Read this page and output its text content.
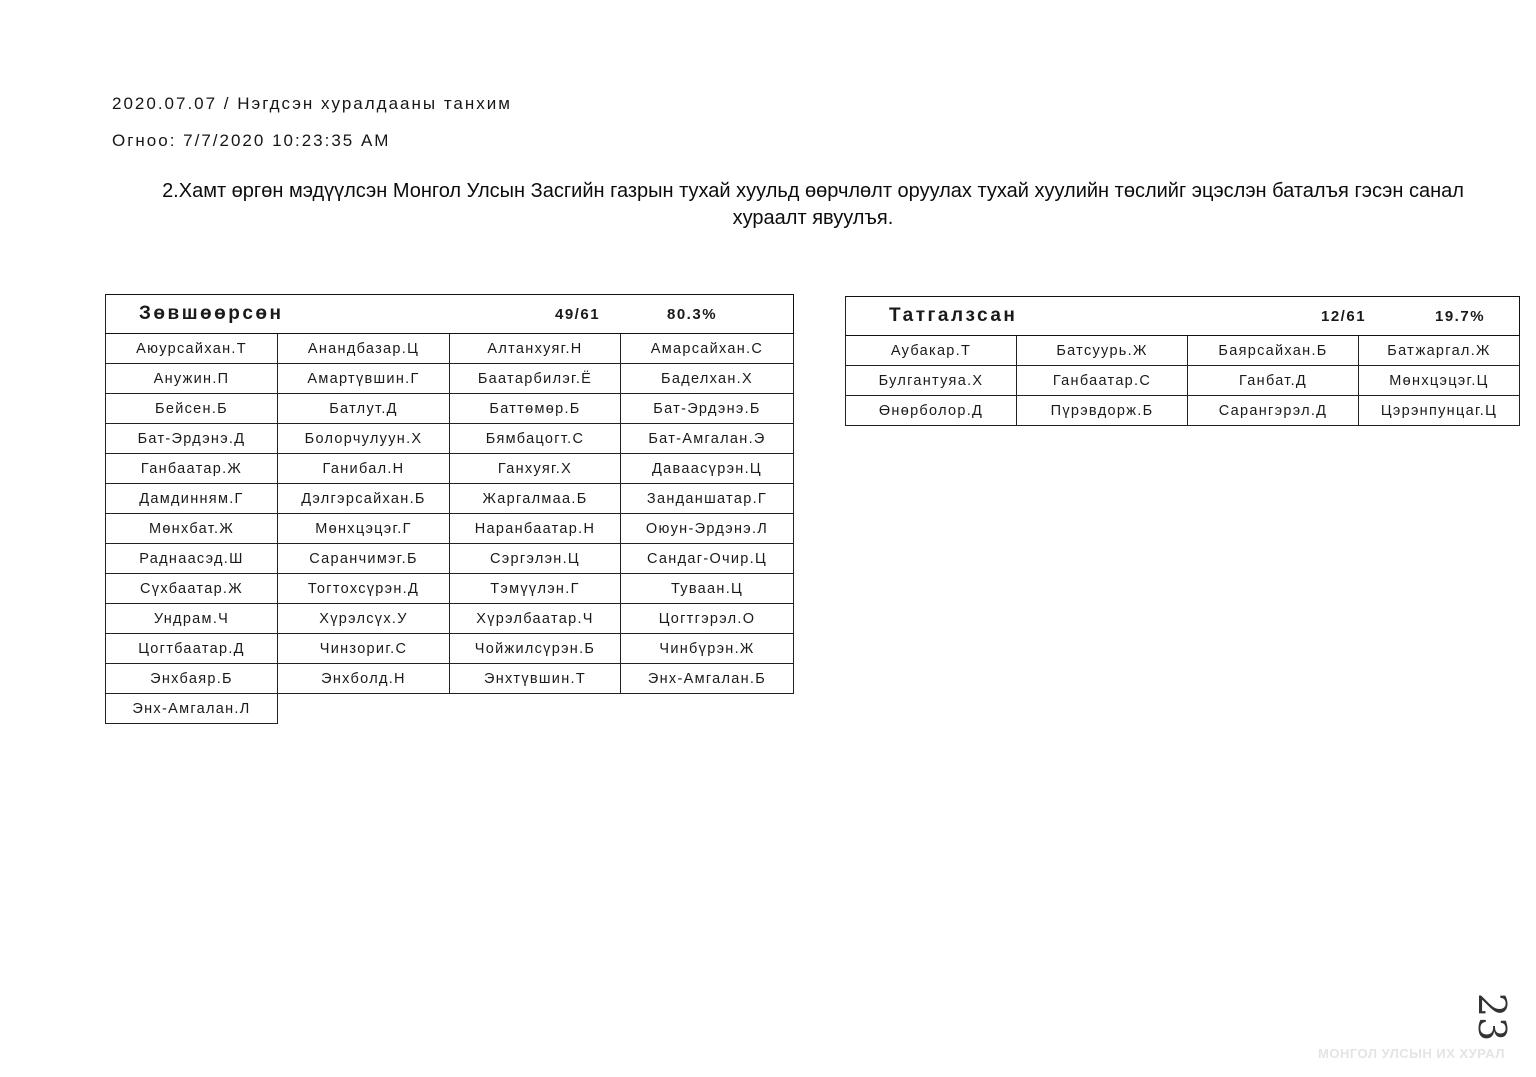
2020.07.07 / Нэгдсэн хуралдааны танхим
Огноо: 7/7/2020 10:23:35 AM
2.Хамт өргөн мэдүүлсэн Монгол Улсын Засгийн газрын тухай хуульд өөрчлөлт оруулах тухай хуулийн төслийг эцэслэн баталъя гэсэн санал
хураалт явуулъя.
Зөвшөөрсөн 49/61 80.3%			

Аюурсайхан.Т	Анандбазар.Ц	Алтанхуяг.Н	Амарсайхан.С
Анужин.П	Амартүвшин.Г	Баатарбилэг.Ё	Баделхан.Х
Бейсен.Б	Батлут.Д	Баттөмөр.Б	Бат-Эрдэнэ.Б
Бат-Эрдэнэ.Д	Болорчулуун.Х	Бямбацогт.С	Бат-Амгалан.Э
Ганбаатар.Ж	Ганибал.Н	Ганхуяг.Х	Даваасүрэн.Ц
Дамдинням.Г	Дэлгэрсайхан.Б	Жаргалмаа.Б	Занданшатар.Г
Мөнхбат.Ж	Мөнхцэцэг.Г	Наранбаатар.Н	Оюун-Эрдэнэ.Л
Раднаасэд.Ш	Саранчимэг.Б	Сэргэлэн.Ц	Сандаг-Очир.Ц
Сүхбаатар.Ж	Тогтохсүрэн.Д	Тэмүүлэн.Г	Туваан.Ц
Ундрам.Ч	Хүрэлсүх.У	Хүрэлбаатар.Ч	Цогтгэрэл.О
Цогтбаатар.Д	Чинзориг.С	Чойжилсүрэн.Б	Чинбүрэн.Ж
Энхбаяр.Б	Энхболд.Н	Энхтүвшин.Т	Энх-Амгалан.Б
Энх-Амгалан.Л			
Татгалзсан 12/61 19.7%			

Аубакар.Т	Батсуурь.Ж	Баярсайхан.Б	Батжаргал.Ж
Булгантуяа.Х	Ганбаатар.С	Ганбат.Д	Мөнхцэцэг.Ц
Өнөрболор.Д	Пүрэвдорж.Б	Сарангэрэл.Д	Цэрэнпунцаг.Ц
23
МОНГОЛ УЛСЫН ИХ ХУРАЛ
